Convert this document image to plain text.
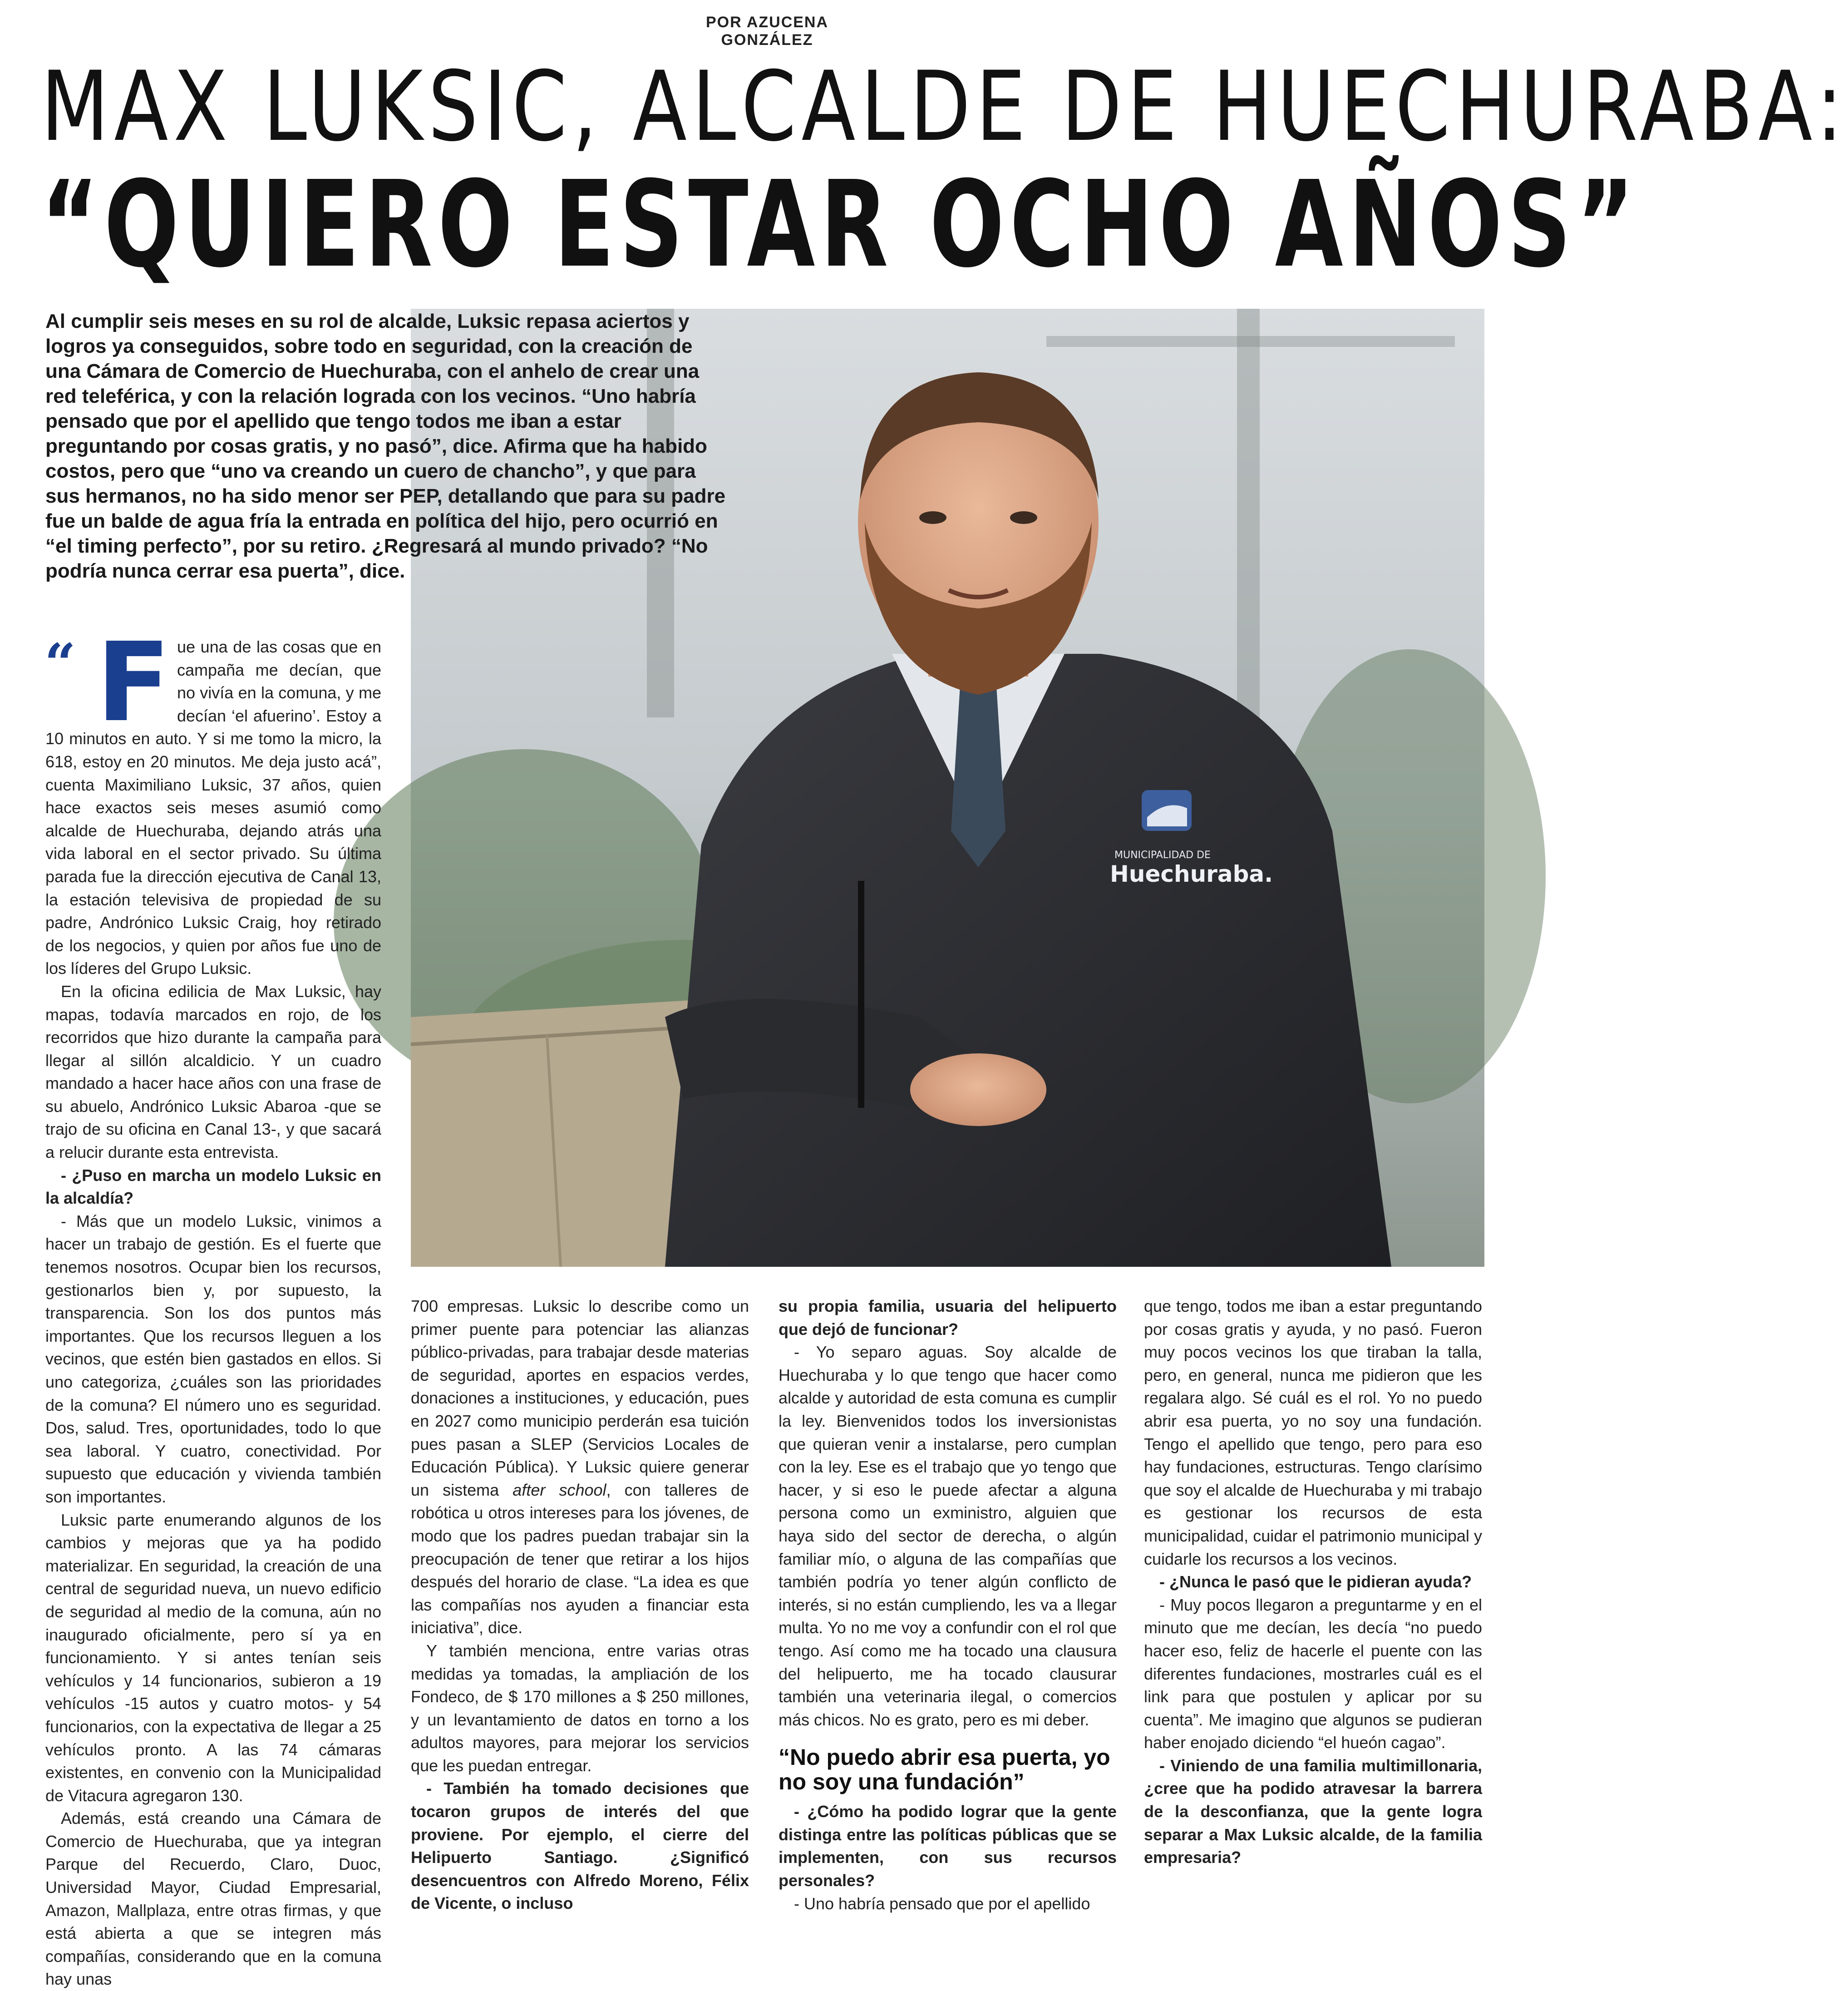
POR AZUCENA GONZÁLEZ
MAX LUKSIC, ALCALDE DE HUECHURABA:
“QUIERO ESTAR OCHO AÑOS”
MUNICIPALIDAD DE
Huechuraba.
Al cumplir seis meses en su rol de alcalde, Luksic repasa aciertos y logros ya conseguidos, sobre todo en seguridad, con la creación de una Cámara de Comercio de Huechuraba, con el anhelo de crear una red teleférica, y con la relación lograda con los vecinos. “Uno habría pensado que por el apellido que tengo todos me iban a estar preguntando por cosas gratis, y no pasó”, dice. Afirma que ha habido costos, pero que “uno va creando un cuero de chancho”, y que para sus hermanos, no ha sido menor ser PEP, detallando que para su padre fue un balde de agua fría la entrada en política del hijo, pero ocurrió en “el timing perfecto”, por su retiro. ¿Regresará al mundo privado? “No podría nunca cerrar esa puerta”, dice.
“ F ue una de las cosas que en campaña me decían, que no vivía en la comuna, y me decían ‘el afuerino’. Estoy a 10 minutos en auto. Y si me tomo la micro, la 618, estoy en 20 minutos. Me deja justo acá”, cuenta Maximiliano Luksic, 37 años, quien hace exactos seis meses asumió como alcalde de Huechuraba, dejando atrás una vida laboral en el sector privado. Su última parada fue la dirección ejecutiva de Canal 13, la estación televisiva de propiedad de su padre, Andrónico Luksic Craig, hoy retirado de los negocios, y quien por años fue uno de los líderes del Grupo Luksic.

En la oficina edilicia de Max Luksic, hay mapas, todavía marcados en rojo, de los recorridos que hizo durante la campaña para llegar al sillón alcaldicio. Y un cuadro mandado a hacer hace años con una frase de su abuelo, Andrónico Luksic Abaroa -que se trajo de su oficina en Canal 13-, y que sacará a relucir durante esta entrevista.

- ¿Puso en marcha un modelo Luksic en la alcaldía?

- Más que un modelo Luksic, vinimos a hacer un trabajo de gestión. Es el fuerte que tenemos nosotros. Ocupar bien los recursos, gestionarlos bien y, por supuesto, la transparencia. Son los dos puntos más importantes. Que los recursos lleguen a los vecinos, que estén bien gastados en ellos. Si uno categoriza, ¿cuáles son las prioridades de la comuna? El número uno es seguridad. Dos, salud. Tres, oportunidades, todo lo que sea laboral. Y cuatro, conectividad. Por supuesto que educación y vivienda también son importantes.

Luksic parte enumerando algunos de los cambios y mejoras que ya ha podido materializar. En seguridad, la creación de una central de seguridad nueva, un nuevo edificio de seguridad al medio de la comuna, aún no inaugurado oficialmente, pero sí ya en funcionamiento. Y si antes tenían seis vehículos y 14 funcionarios, subieron a 19 vehículos -15 autos y cuatro motos- y 54 funcionarios, con la expectativa de llegar a 25 vehículos pronto. A las 74 cámaras existentes, en convenio con la Municipalidad de Vitacura agregaron 130.

Además, está creando una Cámara de Comercio de Huechuraba, que ya integran Parque del Recuerdo, Claro, Duoc, Universidad Mayor, Ciudad Empresarial, Amazon, Mallplaza, entre otras firmas, y que está abierta a que se integren más compañías, considerando que en la comuna hay unas

700 empresas. Luksic lo describe como un primer puente para potenciar las alianzas público-privadas, para trabajar desde materias de seguridad, aportes en espacios verdes, donaciones a instituciones, y educación, pues en 2027 como municipio perderán esa tuición pues pasan a SLEP (Servicios Locales de Educación Pública). Y Luksic quiere generar un sistema after school, con talleres de robótica u otros intereses para los jóvenes, de modo que los padres puedan trabajar sin la preocupación de tener que retirar a los hijos después del horario de clase. “La idea es que las compañías nos ayuden a financiar esta iniciativa”, dice.

Y también menciona, entre varias otras medidas ya tomadas, la ampliación de los Fondeco, de $ 170 millones a $ 250 millones, y un levantamiento de datos en torno a los adultos mayores, para mejorar los servicios que les puedan entregar.

- También ha tomado decisiones que tocaron grupos de interés del que proviene. Por ejemplo, el cierre del Helipuerto Santiago. ¿Significó desencuentros con Alfredo Moreno, Félix de Vicente, o incluso

su propia familia, usuaria del helipuerto que dejó de funcionar?

- Yo separo aguas. Soy alcalde de Huechuraba y lo que tengo que hacer como alcalde y autoridad de esta comuna es cumplir la ley. Bienvenidos todos los inversionistas que quieran venir a instalarse, pero cumplan con la ley. Ese es el trabajo que yo tengo que hacer, y si eso le puede afectar a alguna persona como un exministro, alguien que haya sido del sector de derecha, o algún familiar mío, o alguna de las compañías que también podría yo tener algún conflicto de interés, si no están cumpliendo, les va a llegar multa. Yo no me voy a confundir con el rol que tengo. Así como me ha tocado una clausura del helipuerto, me ha tocado clausurar también una veterinaria ilegal, o comercios más chicos. No es grato, pero es mi deber.

“No puedo abrir esa puerta, yo no soy una fundación”

- ¿Cómo ha podido lograr que la gente distinga entre las políticas públicas que se implementen, con sus recursos personales?

- Uno habría pensado que por el apellido

que tengo, todos me iban a estar preguntando por cosas gratis y ayuda, y no pasó. Fueron muy pocos vecinos los que tiraban la talla, pero, en general, nunca me pidieron que les regalara algo. Sé cuál es el rol. Yo no puedo abrir esa puerta, yo no soy una fundación. Tengo el apellido que tengo, pero para eso hay fundaciones, estructuras. Tengo clarísimo que soy el alcalde de Huechuraba y mi trabajo es gestionar los recursos de esta municipalidad, cuidar el patrimonio municipal y cuidarle los recursos a los vecinos.

- ¿Nunca le pasó que le pidieran ayuda?

- Muy pocos llegaron a preguntarme y en el minuto que me decían, les decía “no puedo hacer eso, feliz de hacerle el puente con las diferentes fundaciones, mostrarles cuál es el link para que postulen y aplicar por su cuenta”. Me imagino que algunos se pudieran haber enojado diciendo “el hueón cagao”.

- Viniendo de una familia multimillonaria, ¿cree que ha podido atravesar la barrera de la desconfianza, que la gente logra separar a Max Luksic alcalde, de la familia empresaria?
